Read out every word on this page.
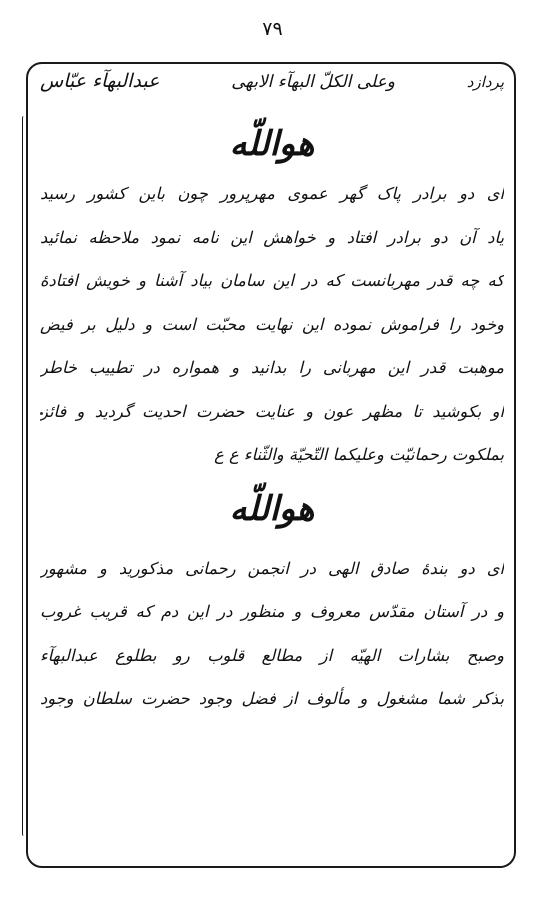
۷۹
پردازد
وعلی الکلّ البهآء الابهی
عبدالبهآء عبّاس
هواللّه
ای دو برادر پاک گهر عموی مهرپرور چون باین کشور رسید
یاد آن دو برادر افتاد و خواهش این نامه نمود ملاحظه نمائید
که چه قدر مهربانست که در این سامان بیاد آشنا و خویش افتادهٔ
وخود را فراموش نموده این نهایت محبّت است و دلیل بر فیض
موهبت قدر این مهربانی را بدانید و همواره در تطییب خاطر
او بکوشید تا مظهر عون و عنایت حضرت احدیت گردید و فائز
بملکوت رحمانیّت وعلیکما التّحیّة والثّناء ع ع
هواللّه
ای دو بندهٔ صادق الهی در انجمن رحمانی مذکورید و مشهور
و در آستان مقدّس معروف و منظور در این دم که قریب غروب
وصبح بشارات الهیّه از مطالع قلوب رو بطلوع عبدالبهآء
بذکر شما مشغول و مألوف از فضل وجود حضرت سلطان وجود
